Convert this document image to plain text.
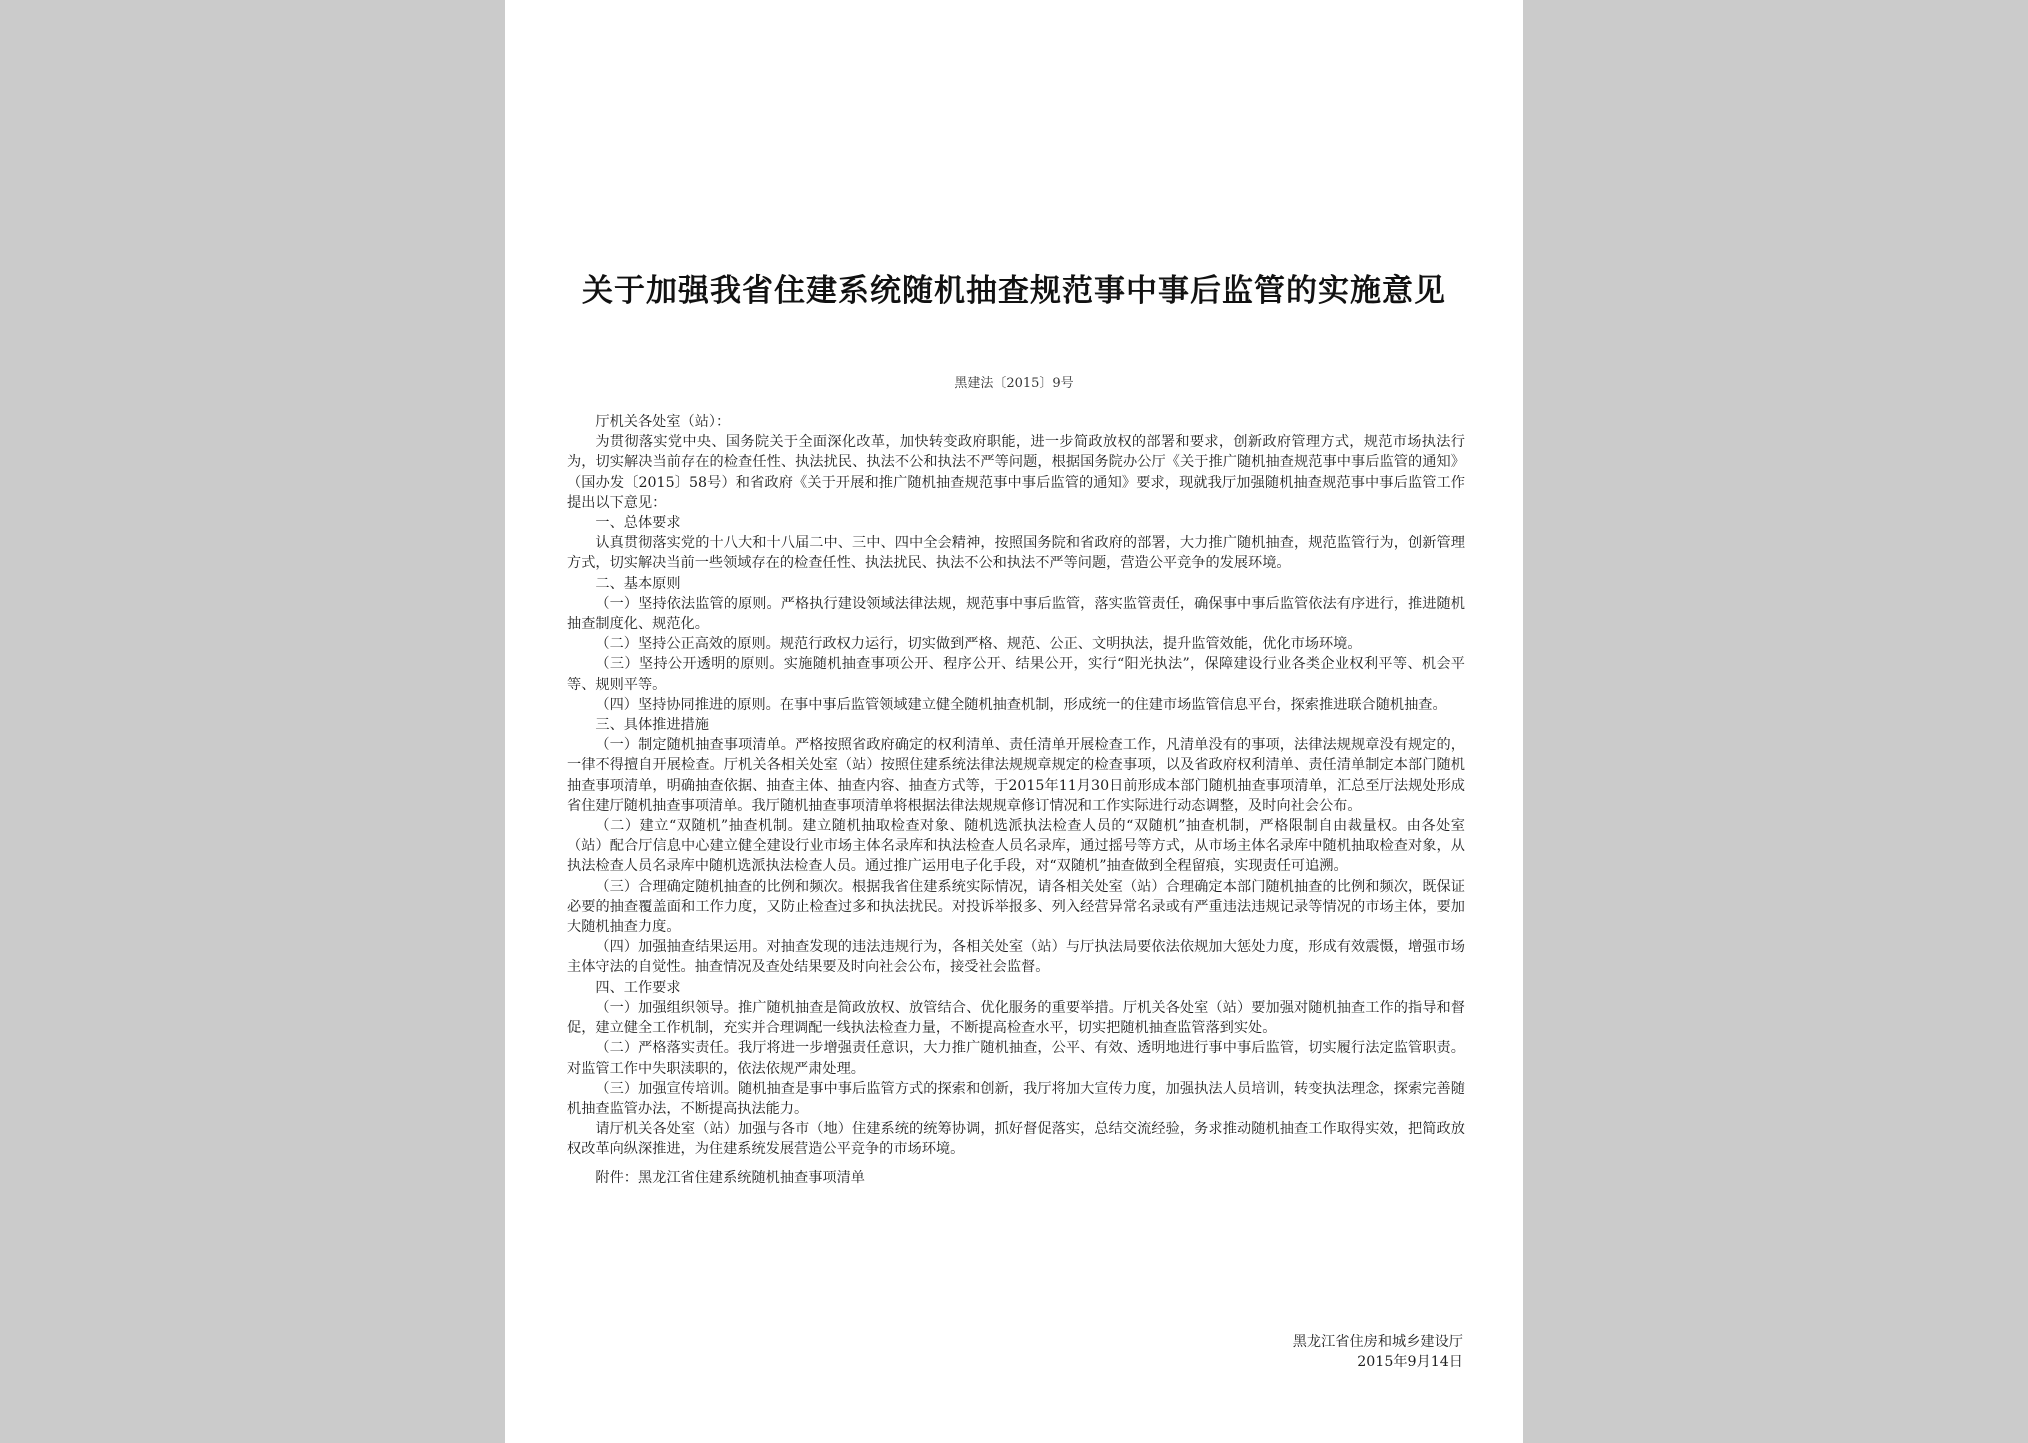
关于加强我省住建系统随机抽查规范事中事后监管的实施意见
黑建法〔2015〕9号

厅机关各处室（站）：

为贯彻落实党中央、国务院关于全面深化改革，加快转变政府职能，进一步简政放权的部署和要求，创新政府管理方式，规范市场执法行为，切实解决当前存在的检查任性、执法扰民、执法不公和执法不严等问题，根据国务院办公厅《关于推广随机抽查规范事中事后监管的通知》（国办发〔2015〕58号）和省政府《关于开展和推广随机抽查规范事中事后监管的通知》要求，现就我厅加强随机抽查规范事中事后监管工作提出以下意见：

一、总体要求

认真贯彻落实党的十八大和十八届二中、三中、四中全会精神，按照国务院和省政府的部署，大力推广随机抽查，规范监管行为，创新管理方式，切实解决当前一些领域存在的检查任性、执法扰民、执法不公和执法不严等问题，营造公平竞争的发展环境。

二、基本原则

（一）坚持依法监管的原则。严格执行建设领域法律法规，规范事中事后监管，落实监管责任，确保事中事后监管依法有序进行，推进随机抽查制度化、规范化。

（二）坚持公正高效的原则。规范行政权力运行，切实做到严格、规范、公正、文明执法，提升监管效能，优化市场环境。

（三）坚持公开透明的原则。实施随机抽查事项公开、程序公开、结果公开，实行“阳光执法”，保障建设行业各类企业权利平等、机会平等、规则平等。

（四）坚持协同推进的原则。在事中事后监管领域建立健全随机抽查机制，形成统一的住建市场监管信息平台，探索推进联合随机抽查。

三、具体推进措施

（一）制定随机抽查事项清单。严格按照省政府确定的权利清单、责任清单开展检查工作，凡清单没有的事项，法律法规规章没有规定的，一律不得擅自开展检查。厅机关各相关处室（站）按照住建系统法律法规规章规定的检查事项，以及省政府权利清单、责任清单制定本部门随机抽查事项清单，明确抽查依据、抽查主体、抽查内容、抽查方式等，于2015年11月30日前形成本部门随机抽查事项清单，汇总至厅法规处形成省住建厅随机抽查事项清单。我厅随机抽查事项清单将根据法律法规规章修订情况和工作实际进行动态调整，及时向社会公布。

（二）建立“双随机”抽查机制。建立随机抽取检查对象、随机选派执法检查人员的“双随机”抽查机制，严格限制自由裁量权。由各处室（站）配合厅信息中心建立健全建设行业市场主体名录库和执法检查人员名录库，通过摇号等方式，从市场主体名录库中随机抽取检查对象，从执法检查人员名录库中随机选派执法检查人员。通过推广运用电子化手段，对“双随机”抽查做到全程留痕，实现责任可追溯。

（三）合理确定随机抽查的比例和频次。根据我省住建系统实际情况，请各相关处室（站）合理确定本部门随机抽查的比例和频次，既保证必要的抽查覆盖面和工作力度，又防止检查过多和执法扰民。对投诉举报多、列入经营异常名录或有严重违法违规记录等情况的市场主体，要加大随机抽查力度。

（四）加强抽查结果运用。对抽查发现的违法违规行为，各相关处室（站）与厅执法局要依法依规加大惩处力度，形成有效震慑，增强市场主体守法的自觉性。抽查情况及查处结果要及时向社会公布，接受社会监督。

四、工作要求

（一）加强组织领导。推广随机抽查是简政放权、放管结合、优化服务的重要举措。厅机关各处室（站）要加强对随机抽查工作的指导和督促，建立健全工作机制，充实并合理调配一线执法检查力量，不断提高检查水平，切实把随机抽查监管落到实处。

（二）严格落实责任。我厅将进一步增强责任意识，大力推广随机抽查，公平、有效、透明地进行事中事后监管，切实履行法定监管职责。对监管工作中失职渎职的，依法依规严肃处理。

（三）加强宣传培训。随机抽查是事中事后监管方式的探索和创新，我厅将加大宣传力度，加强执法人员培训，转变执法理念，探索完善随机抽查监管办法，不断提高执法能力。

请厅机关各处室（站）加强与各市（地）住建系统的统筹协调，抓好督促落实，总结交流经验，务求推动随机抽查工作取得实效，把简政放权改革向纵深推进，为住建系统发展营造公平竞争的市场环境。

附件：黑龙江省住建系统随机抽查事项清单

黑龙江省住房和城乡建设厅
2015年9月14日
